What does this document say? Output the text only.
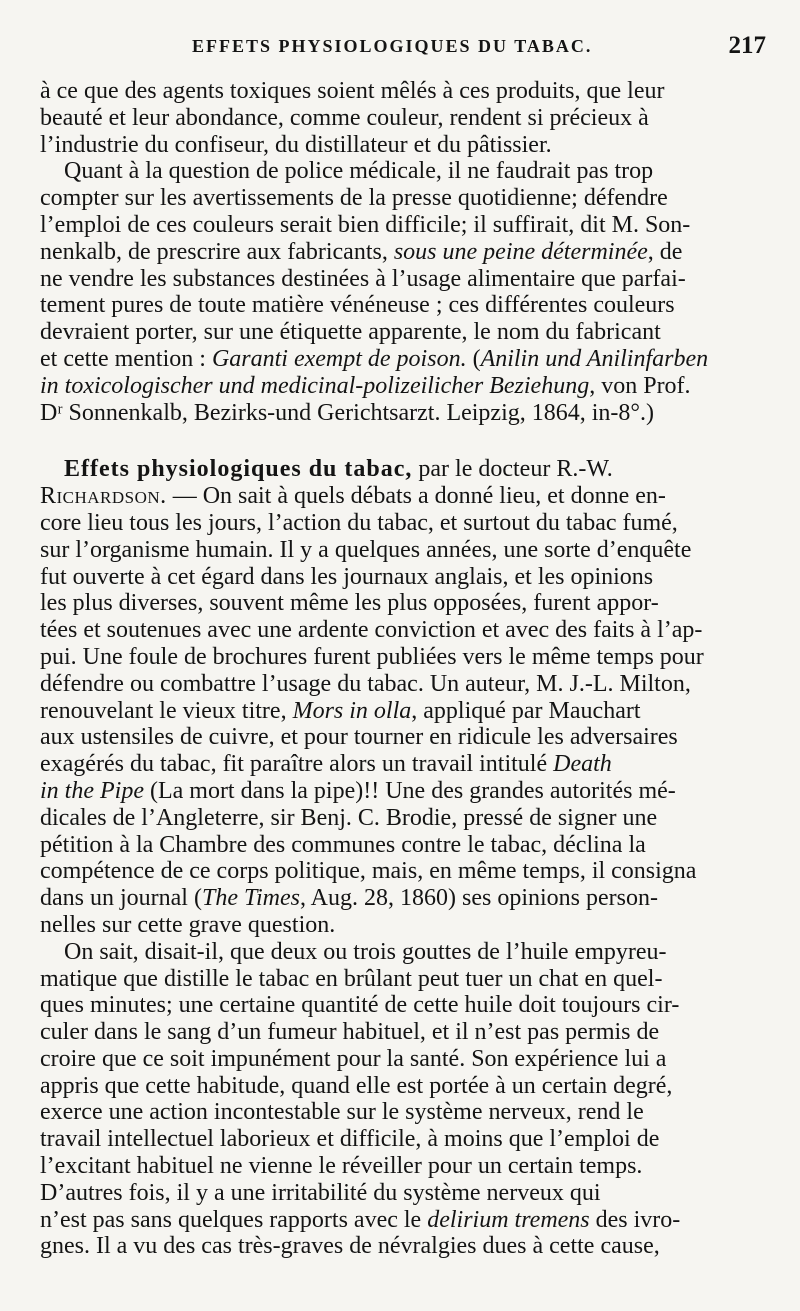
EFFETS PHYSIOLOGIQUES DU TABAC.	217
à ce que des agents toxiques soient mêlés à ces produits, que leur
beauté et leur abondance, comme couleur, rendent si précieux à
l’industrie du confiseur, du distillateur et du pâtissier.
Quant à la question de police médicale, il ne faudrait pas trop
compter sur les avertissements de la presse quotidienne; défendre
l’emploi de ces couleurs serait bien difficile; il suffirait, dit M. Son-
nenkalb, de prescrire aux fabricants, sous une peine déterminée, de
ne vendre les substances destinées à l’usage alimentaire que parfai-
tement pures de toute matière vénéneuse ; ces différentes couleurs
devraient porter, sur une étiquette apparente, le nom du fabricant
et cette mention : Garanti exempt de poison. (Anilin und Anilinfarben
in toxicologischer und medicinal-polizeilicher Beziehung, von Prof.
Dʳ Sonnenkalb, Bezirks-und Gerichtsarzt. Leipzig, 1864, in-8°.)
Effets physiologiques du tabac, par le docteur R.-W.
Richardson. — On sait à quels débats a donné lieu, et donne en-
core lieu tous les jours, l’action du tabac, et surtout du tabac fumé,
sur l’organisme humain. Il y a quelques années, une sorte d’enquête
fut ouverte à cet égard dans les journaux anglais, et les opinions
les plus diverses, souvent même les plus opposées, furent appor-
tées et soutenues avec une ardente conviction et avec des faits à l’ap-
pui. Une foule de brochures furent publiées vers le même temps pour
défendre ou combattre l’usage du tabac. Un auteur, M. J.-L. Milton,
renouvelant le vieux titre, Mors in olla, appliqué par Mauchart
aux ustensiles de cuivre, et pour tourner en ridicule les adversaires
exagérés du tabac, fit paraître alors un travail intitulé Death
in the Pipe (La mort dans la pipe)!! Une des grandes autorités mé-
dicales de l’Angleterre, sir Benj. C. Brodie, pressé de signer une
pétition à la Chambre des communes contre le tabac, déclina la
compétence de ce corps politique, mais, en même temps, il consigna
dans un journal (The Times, Aug. 28, 1860) ses opinions person-
nelles sur cette grave question.
On sait, disait-il, que deux ou trois gouttes de l’huile empyreu-
matique que distille le tabac en brûlant peut tuer un chat en quel-
ques minutes; une certaine quantité de cette huile doit toujours cir-
culer dans le sang d’un fumeur habituel, et il n’est pas permis de
croire que ce soit impunément pour la santé. Son expérience lui a
appris que cette habitude, quand elle est portée à un certain degré,
exerce une action incontestable sur le système nerveux, rend le
travail intellectuel laborieux et difficile, à moins que l’emploi de
l’excitant habituel ne vienne le réveiller pour un certain temps.
D’autres fois, il y a une irritabilité du système nerveux qui
n’est pas sans quelques rapports avec le delirium tremens des ivro-
gnes. Il a vu des cas très-graves de névralgies dues à cette cause,
